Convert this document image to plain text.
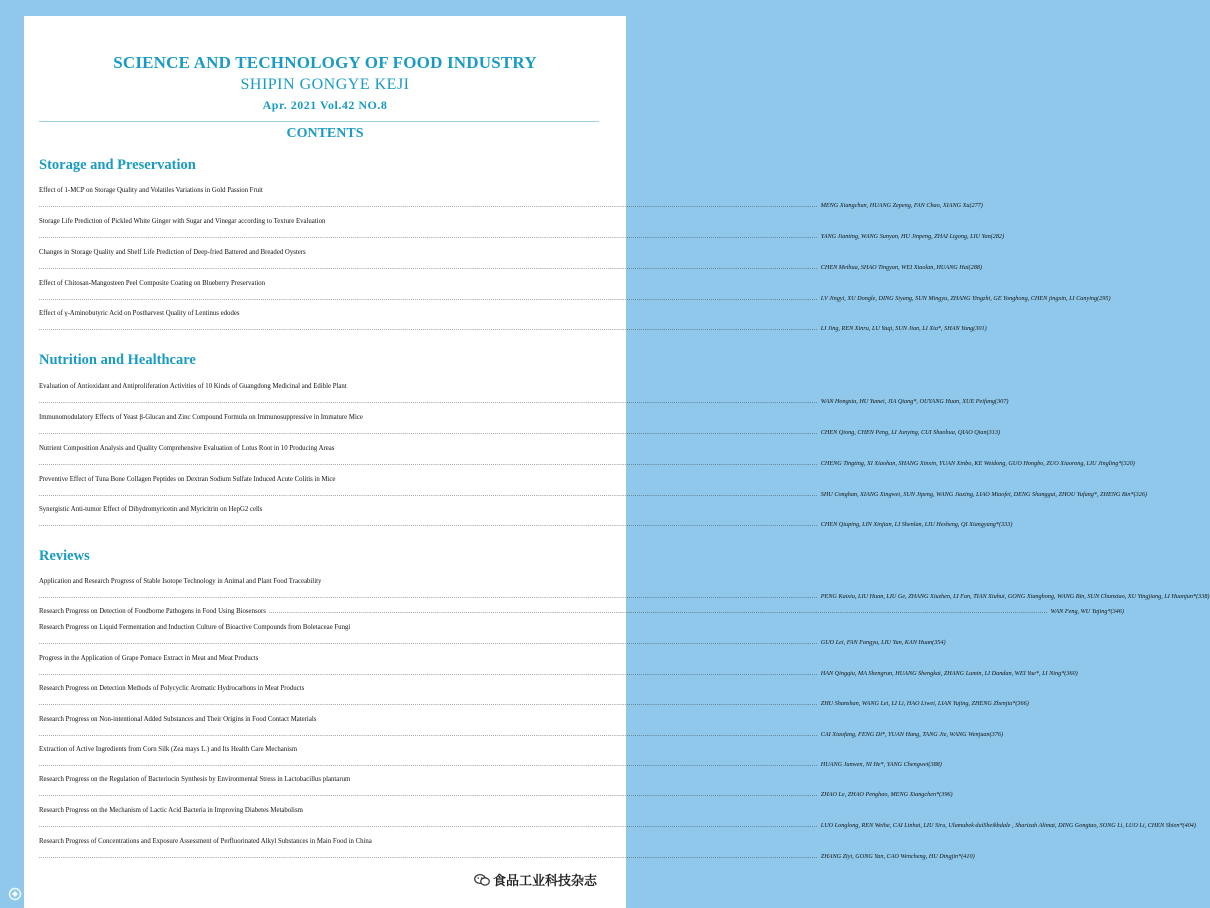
SCIENCE AND TECHNOLOGY OF FOOD INDUSTRY
SHIPIN GONGYE KEJI
Apr. 2021 Vol.42 NO.8
CONTENTS
Storage and Preservation
Effect of 1-MCP on Storage Quality and Volatiles Variations in Gold Passion Fruit
................................................................................................................................................................................................................................................................................................................................................................................................................ MENG Xiangchun, HUANG Zepeng, FAN Chao, XIANG Xu(277)
Storage Life Prediction of Pickled White Ginger with Sugar and Vinegar according to Texture Evaluation
................................................................................................................................................................................................................................................................................................................................................................................................................ YANG Jianting, WANG Sunyan, HU Jinpeng, ZHAI Ligong, LIU Yan(282)
Changes in Storage Quality and Shelf Life Prediction of Deep-fried Battered and Breaded Oysters
................................................................................................................................................................................................................................................................................................................................................................................................................ CHEN Meihua, SHAO Tingyan, WEI Xiaolan, HUANG Hai(288)
Effect of Chitosan-Mangosteen Peel Composite Coating on Blueberry Preservation
................................................................................................................................................................................................................................................................................................................................................................................................................ LV Jingyi, XU Dongle, DING Siyang, SUN Mingyu, ZHANG Yingzhi, GE Yonghong, CHEN jingxin, LI Canying(295)
Effect of γ-Aminobutyric Acid on Postharvest Quality of Lentinus edodes
................................................................................................................................................................................................................................................................................................................................................................................................................ LI Jing, REN Xinru, LU Yaqi, SUN Jian, LI Xia*, SHAN Yang(301)
Nutrition and Healthcare
Evaluation of Antioxidant and Antiproliferation Activities of 10 Kinds of Guangdong Medicinal and Edible Plant
................................................................................................................................................................................................................................................................................................................................................................................................................ WAN Hongxia, HU Yumei, JIA Qiang*, OUYANG Huan, XUE Peifang(307)
Immunomodulatory Effects of Yeast β-Glucan and Zinc Compound Formula on Immunosuppressive in Immature Mice
................................................................................................................................................................................................................................................................................................................................................................................................................ CHEN Qiong, CHEN Peng, LI Junying, CUI Shaohua, QIAO Qian(313)
Nutrient Composition Analysis and Quality Comprehensive Evaluation of Lotus Root in 10 Producing Areas
................................................................................................................................................................................................................................................................................................................................................................................................................ CHENG Tingting, XI Xiaohan, SHANG Xinxin, YUAN Xinbo, KE Weidong, GUO Hongbo, ZUO Xiaorong, LIU Jingling*(320)
Preventive Effect of Tuna Bone Collagen Peptides on Dextran Sodium Sulfate Induced Acute Colitis in Mice
................................................................................................................................................................................................................................................................................................................................................................................................................ SHU Conghan, XIANG Xingwei, SUN Jipeng, WANG Jiaxing, LIAO Miaofei, DENG Shanggui, ZHOU Yufang*, ZHENG Bin*(326)
Synergistic Anti-tumor Effect of Dihydromyricetin and Myricitrin on HepG2 cells
................................................................................................................................................................................................................................................................................................................................................................................................................ CHEN Qiuping, LIN Xinjian, LI Shenlan, LIU Hesheng, QI Xiangyang*(333)
Reviews
Application and Research Progress of Stable Isotope Technology in Animal and Plant Food Traceability
................................................................................................................................................................................................................................................................................................................................................................................................................ PENG Kaixiu, LIU Huan, LIU Ge, ZHANG Xiuzhen, LI Fan, TIAN Xiuhui, GONG Xianghong, WANG Bin, SUN Chunxiao, XU Yingjiang, LI Huanjun*(338)
Research Progress on Detection of Foodborne Pathogens in Food Using Biosensors ................................................................................................................................................................................................................................................................................................................................................................................................................ WAN Feng, WU Yajing*(346)
Research Progress on Liquid Fermentation and Induction Culture of Bioactive Compounds from Boletaceae Fungi
................................................................................................................................................................................................................................................................................................................................................................................................................ GUO Lei, FAN Fangyu, LIU Yun, KAN Huan(354)
Progress in the Application of Grape Pomace Extract in Meat and Meat Products
................................................................................................................................................................................................................................................................................................................................................................................................................ HAN Qingqiu, MA Shengrun, HUANG Shengkai, ZHANG Lumin, LI Dandan, WEI Yue*, LI Ning*(360)
Research Progress on Detection Methods of Polycyclic Aromatic Hydrocarbons in Meat Products
................................................................................................................................................................................................................................................................................................................................................................................................................ ZHU Shanshan, WANG Lei, LI Li, HAO Liwei, LIAN Yujing, ZHENG Zhenjia*(366)
Research Progress on Non-intentional Added Substances and Their Origins in Food Contact Materials
................................................................................................................................................................................................................................................................................................................................................................................................................ CAI Xiaofang, FENG Di*, YUAN Hang, TANG Jie, WANG Wenjuan(376)
Extraction of Active Ingredients from Corn Silk (Zea mays L.) and Its Health Care Mechanism
................................................................................................................................................................................................................................................................................................................................................................................................................ HUANG Junwen, NI He*, YANG Chengwei(388)
Research Progress on the Regulation of Bacteriocin Synthesis by Environmental Stress in Lactobacillus plantarum
................................................................................................................................................................................................................................................................................................................................................................................................................ ZHAO Le, ZHAO Penghao, MENG Xiangchen*(396)
Research Progress on the Mechanism of Lactic Acid Bacteria in Improving Diabetes Metabolism
................................................................................................................................................................................................................................................................................................................................................................................................................ LUO Longlong, REN Weihe, CAI Linhai, LIU Siru, Ulamubek·duiSheikhdale , Sharizah Alimat, DING Gongtao, SONG Li, LUO Li, CHEN Shien*(404)
Research Progress of Concentrations and Exposure Assessment of Perfluorinated Alkyl Substances in Main Food in China
................................................................................................................................................................................................................................................................................................................................................................................................................ ZHANG Ziyi, GONG Yan, CAO Wencheng, HU Dingjin*(410)
大歆跨境
食品工业科技杂志
